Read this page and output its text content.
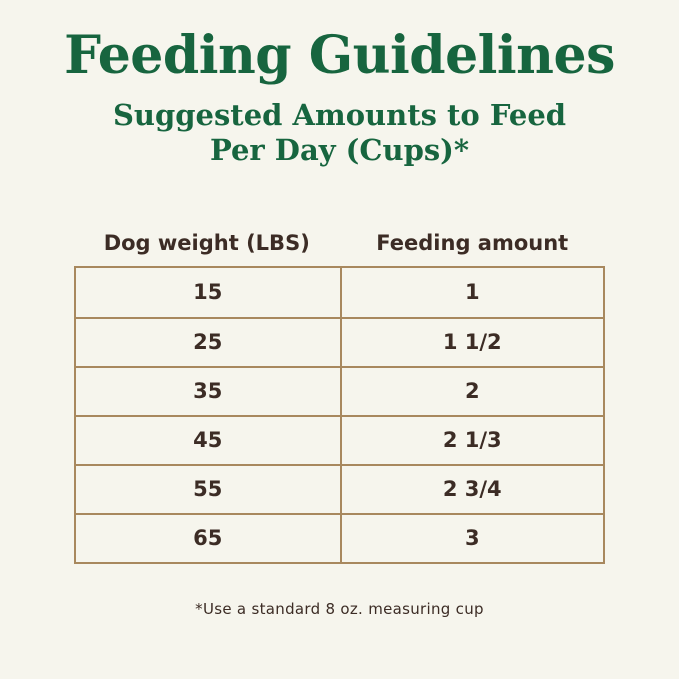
Feeding Guidelines
Suggested Amounts to Feed
Per Day (Cups)*
Dog weight (LBS)	Feeding amount
15	1
25	1 1/2
35	2
45	2 1/3
55	2 3/4
65	3
*Use a standard 8 oz. measuring cup
